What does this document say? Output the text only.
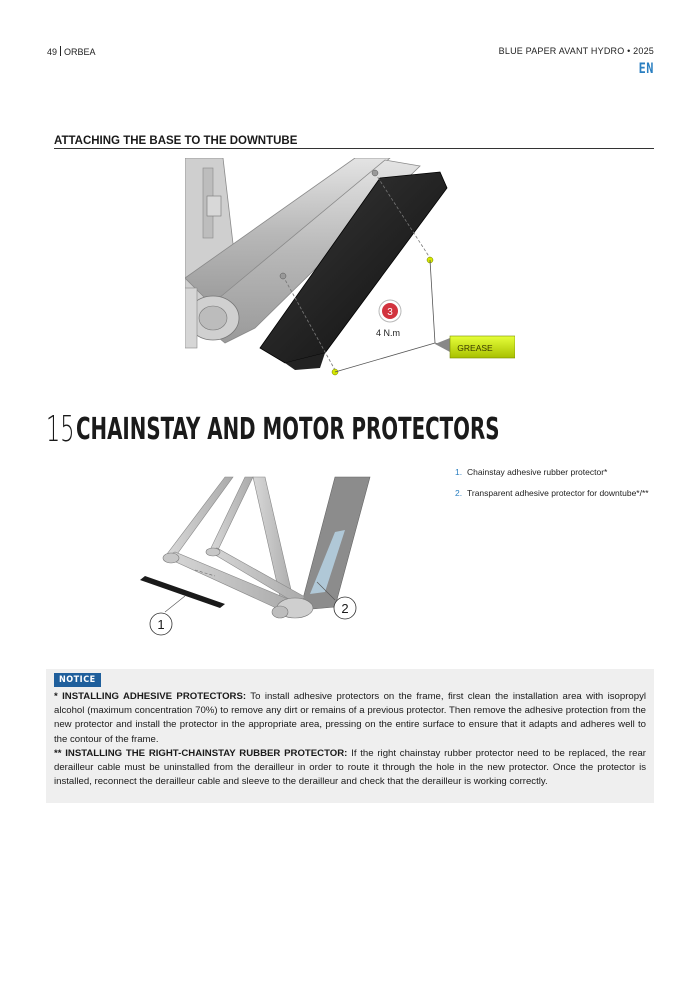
49 ORBEA	BLUE PAPER AVANT HYDRO • 2025
EN
ATTACHING THE BASE TO THE DOWNTUBE
3
4 N.m
GREASE
15 CHAINSTAY AND MOTOR PROTECTORS
1
2
1. Chainstay adhesive rubber protector*
2. Transparent adhesive protector for downtube*/**
NOTICE

* INSTALLING ADHESIVE PROTECTORS: To install adhesive protectors on the frame, first clean the installation area with isopropyl alcohol (maximum concentration 70%) to remove any dirt or remains of a previous protector. Then remove the adhesive protection from the new protector and install the protector in the appropriate area, pressing on the entire surface to ensure that it adapts and adheres well to the contour of the frame.

** INSTALLING THE RIGHT-CHAINSTAY RUBBER PROTECTOR: If the right chainstay rubber protector need to be replaced, the rear derailleur cable must be uninstalled from the derailleur in order to route it through the hole in the new protector. Once the protector is installed, reconnect the derailleur cable and sleeve to the derailleur and check that the derailleur is working correctly.
